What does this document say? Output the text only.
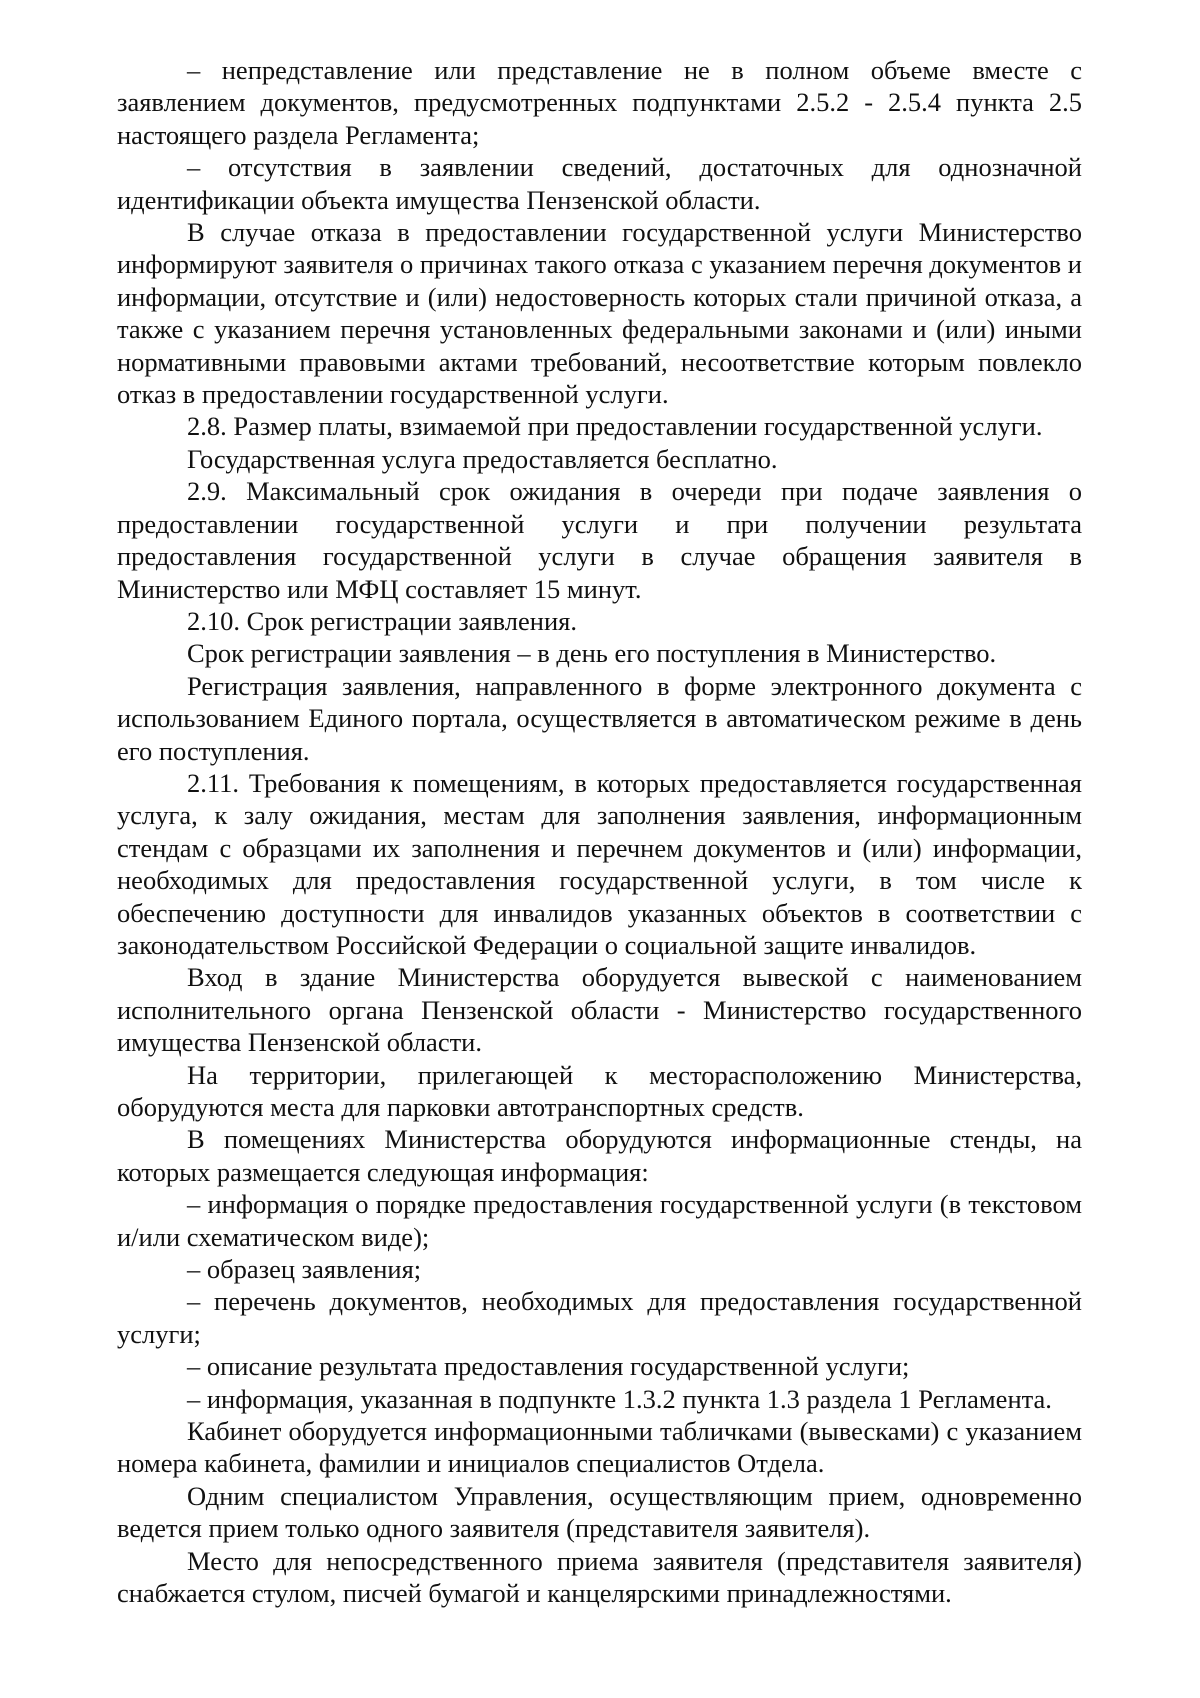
– непредставление или представление не в полном объеме вместе с заявлением документов, предусмотренных подпунктами 2.5.2 - 2.5.4 пункта 2.5 настоящего раздела Регламента;

– отсутствия в заявлении сведений, достаточных для однозначной идентификации объекта имущества Пензенской области.

В случае отказа в предоставлении государственной услуги Министерство информируют заявителя о причинах такого отказа с указанием перечня документов и информации, отсутствие и (или) недостоверность которых стали причиной отказа, а также с указанием перечня установленных федеральными законами и (или) иными нормативными правовыми актами требований, несоответствие которым повлекло отказ в предоставлении государственной услуги.

2.8. Размер платы, взимаемой при предоставлении государственной услуги.

Государственная услуга предоставляется бесплатно.

2.9. Максимальный срок ожидания в очереди при подаче заявления о предоставлении государственной услуги и при получении результата предоставления государственной услуги в случае обращения заявителя в Министерство или МФЦ составляет 15 минут.

2.10. Срок регистрации заявления.

Срок регистрации заявления – в день его поступления в Министерство.

Регистрация заявления, направленного в форме электронного документа с использованием Единого портала, осуществляется в автоматическом режиме в день его поступления.

2.11. Требования к помещениям, в которых предоставляется государственная услуга, к залу ожидания, местам для заполнения заявления, информационным стендам с образцами их заполнения и перечнем документов и (или) информации, необходимых для предоставления государственной услуги, в том числе к обеспечению доступности для инвалидов указанных объектов в соответствии с законодательством Российской Федерации о социальной защите инвалидов.

Вход в здание Министерства оборудуется вывеской с наименованием исполнительного органа Пензенской области - Министерство государственного имущества Пензенской области.

На территории, прилегающей к месторасположению Министерства, оборудуются места для парковки автотранспортных средств.

В помещениях Министерства оборудуются информационные стенды, на которых размещается следующая информация:

– информация о порядке предоставления государственной услуги (в текстовом и/или схематическом виде);

– образец заявления;

– перечень документов, необходимых для предоставления государственной услуги;

– описание результата предоставления государственной услуги;

– информация, указанная в подпункте 1.3.2 пункта 1.3 раздела 1 Регламента.

Кабинет оборудуется информационными табличками (вывесками) с указанием номера кабинета, фамилии и инициалов специалистов Отдела.

Одним специалистом Управления, осуществляющим прием, одновременно ведется прием только одного заявителя (представителя заявителя).

Место для непосредственного приема заявителя (представителя заявителя) снабжается стулом, писчей бумагой и канцелярскими принадлежностями.
